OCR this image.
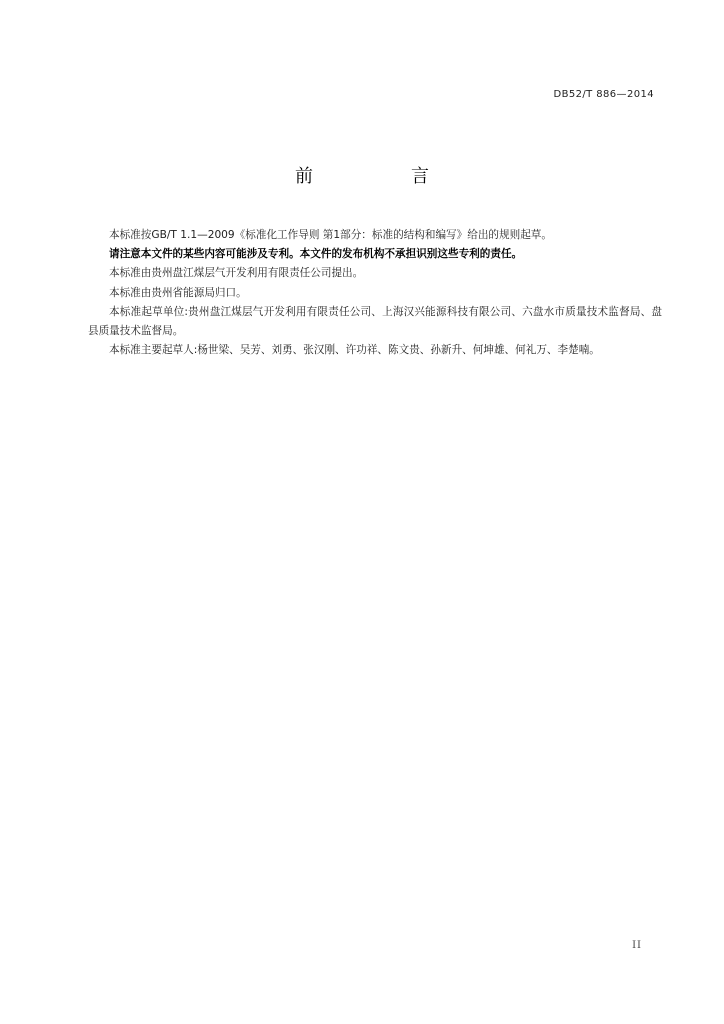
DB52/T 886—2014
前　言

本标准按GB/T 1.1—2009《标准化工作导则 第1部分：标准的结构和编写》给出的规则起草。

请注意本文件的某些内容可能涉及专利。本文件的发布机构不承担识别这些专利的责任。

本标准由贵州盘江煤层气开发利用有限责任公司提出。

本标准由贵州省能源局归口。

本标准起草单位:贵州盘江煤层气开发利用有限责任公司、上海汉兴能源科技有限公司、六盘水市质量技术监督局、盘县质量技术监督局。

本标准主要起草人:杨世梁、吴芳、刘勇、张汉刚、许功祥、陈文贵、孙新升、何坤雄、何礼万、李楚喃。

II
